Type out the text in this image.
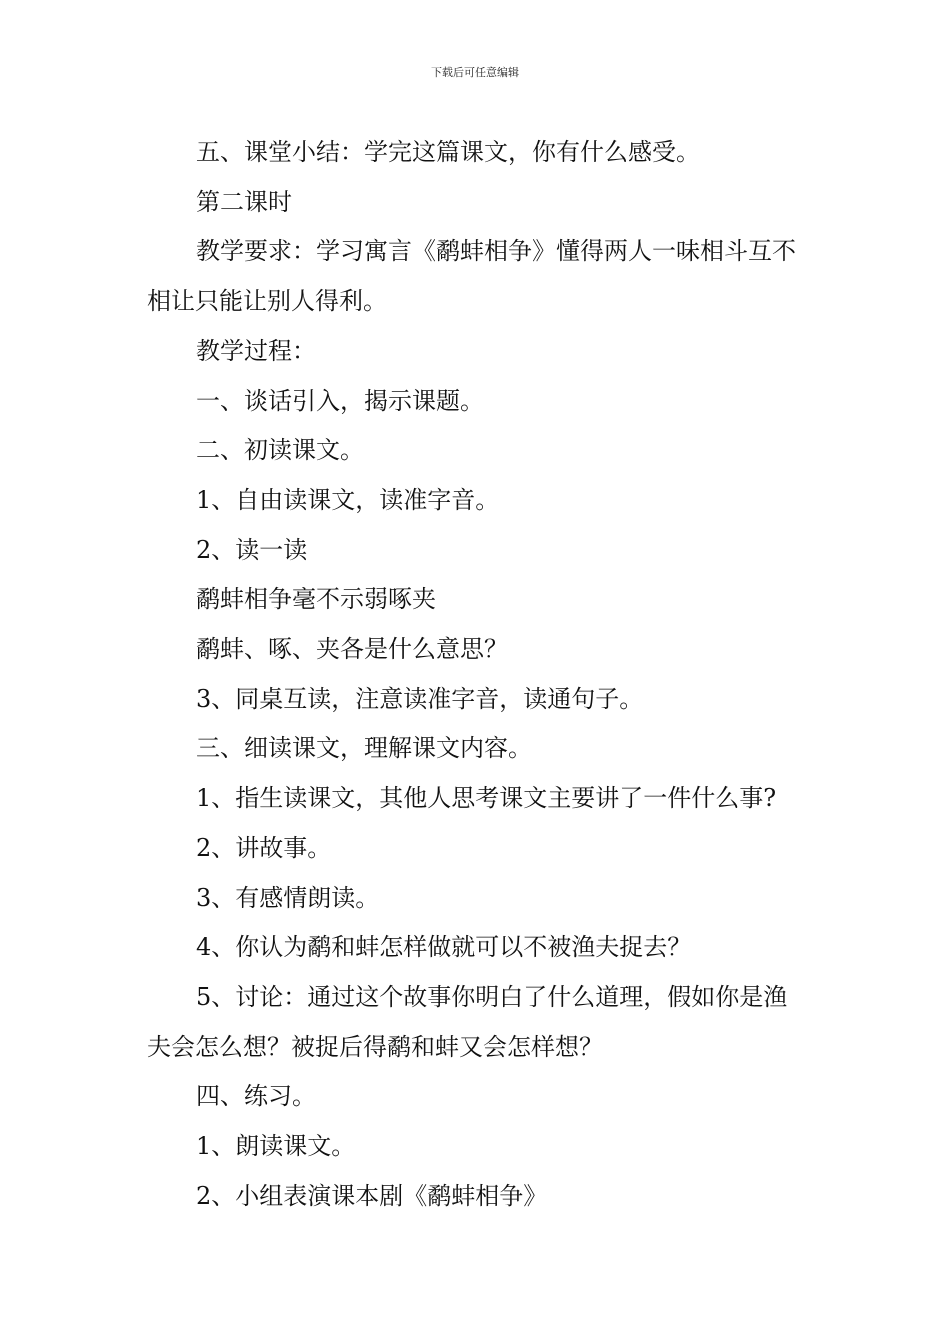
下载后可任意编辑

五、课堂小结：学完这篇课文，你有什么感受。

第二课时

教学要求：学习寓言《鹬蚌相争》懂得两人一味相斗互不相让只能让别人得利。

教学过程：

一、谈话引入，揭示课题。

二、初读课文。

1、自由读课文，读准字音。

2、读一读

鹬蚌相争毫不示弱啄夹

鹬蚌、啄、夹各是什么意思？

3、同桌互读，注意读准字音，读通句子。

三、细读课文，理解课文内容。

1、指生读课文，其他人思考课文主要讲了一件什么事?

2、讲故事。

3、有感情朗读。

4、你认为鹬和蚌怎样做就可以不被渔夫捉去？

5、讨论：通过这个故事你明白了什么道理，假如你是渔夫会怎么想？被捉后得鹬和蚌又会怎样想？

四、练习。

1、朗读课文。

2、小组表演课本剧《鹬蚌相争》
